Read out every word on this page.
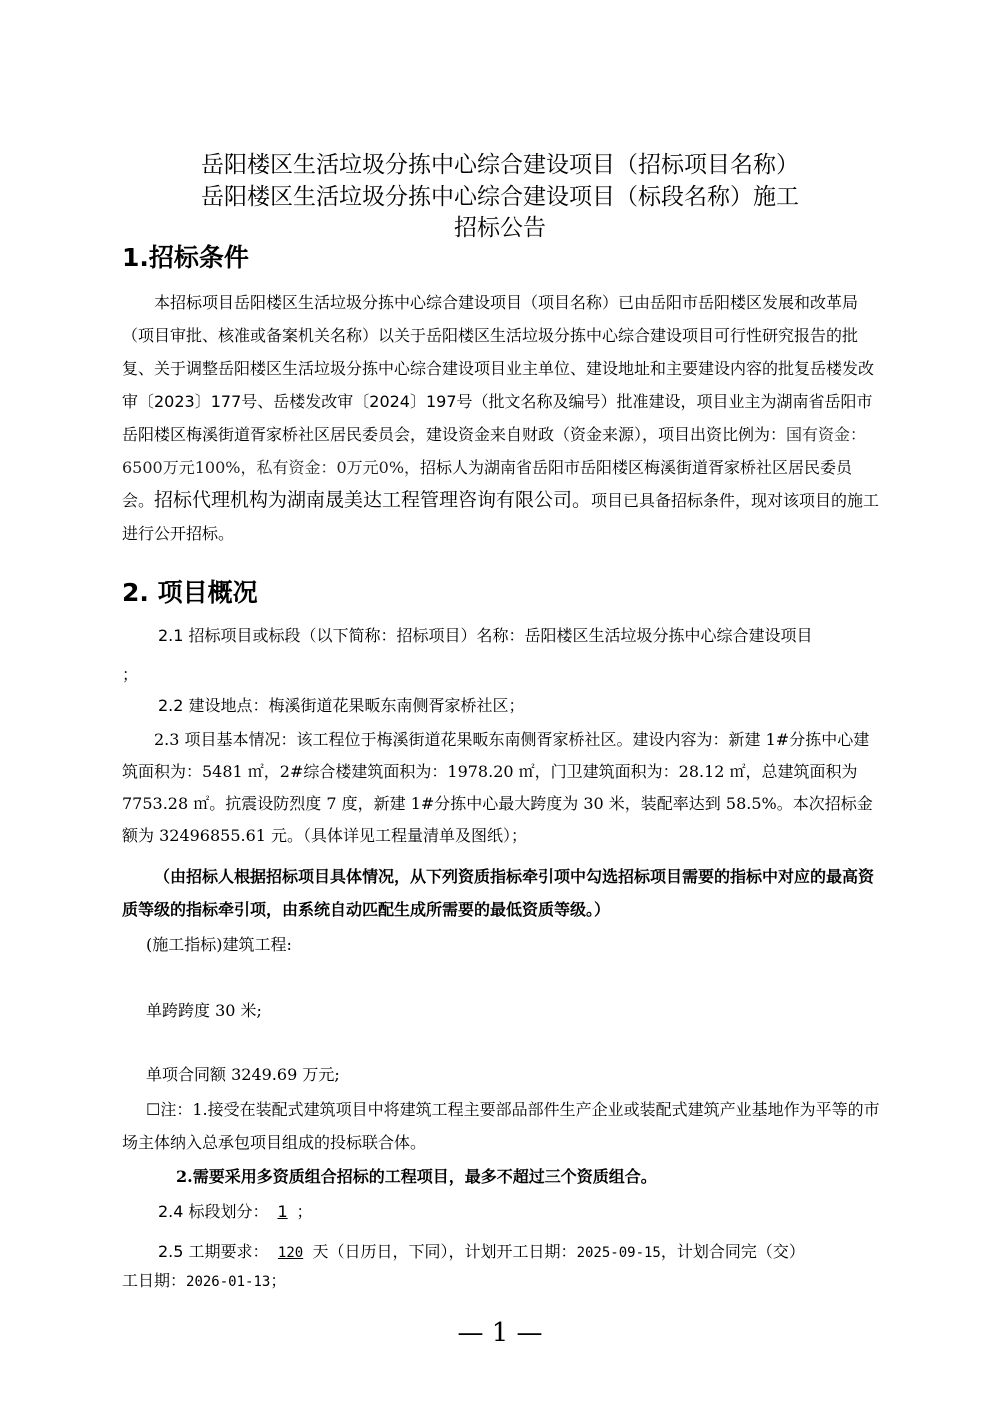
岳阳楼区生活垃圾分拣中心综合建设项目（招标项目名称）
岳阳楼区生活垃圾分拣中心综合建设项目（标段名称）施工
招标公告
1.招标条件
本招标项目岳阳楼区生活垃圾分拣中心综合建设项目（项目名称）已由岳阳市岳阳楼区发展和改革局（项目审批、核准或备案机关名称）以关于岳阳楼区生活垃圾分拣中心综合建设项目可行性研究报告的批复、关于调整岳阳楼区生活垃圾分拣中心综合建设项目业主单位、建设地址和主要建设内容的批复岳楼发改审〔2023〕177号、岳楼发改审〔2024〕197号（批文名称及编号）批准建设，项目业主为湖南省岳阳市岳阳楼区梅溪街道胥家桥社区居民委员会，建设资金来自财政（资金来源），项目出资比例为：国有资金：6500万元100%，私有资金：0万元0%，招标人为湖南省岳阳市岳阳楼区梅溪街道胥家桥社区居民委员会。招标代理机构为湖南晟美达工程管理咨询有限公司。项目已具备招标条件，现对该项目的施工进行公开招标。
2. 项目概况
2.1 招标项目或标段（以下简称：招标项目）名称：岳阳楼区生活垃圾分拣中心综合建设项目
；
2.2 建设地点：梅溪街道花果畈东南侧胥家桥社区；
2.3 项目基本情况：该工程位于梅溪街道花果畈东南侧胥家桥社区。建设内容为：新建 1#分拣中心建筑面积为：5481 ㎡，2#综合楼建筑面积为：1978.20 ㎡，门卫建筑面积为：28.12 ㎡，总建筑面积为 7753.28 ㎡。抗震设防烈度 7 度，新建 1#分拣中心最大跨度为 30 米，装配率达到 58.5%。本次招标金额为 32496855.61 元。（具体详见工程量清单及图纸）；
（由招标人根据招标项目具体情况，从下列资质指标牵引项中勾选招标项目需要的指标中对应的最高资质等级的指标牵引项，由系统自动匹配生成所需要的最低资质等级。）
(施工指标)建筑工程:
单跨跨度 30 米;
单项合同额 3249.69 万元;
☐注：1.接受在装配式建筑项目中将建筑工程主要部品部件生产企业或装配式建筑产业基地作为平等的市场主体纳入总承包项目组成的投标联合体。
2.需要采用多资质组合招标的工程项目，最多不超过三个资质组合。
2.4 标段划分： 1 ；
2.5 工期要求： 120 天（日历日，下同），计划开工日期：2025-09-15，计划合同完（交）
工日期：2026-01-13；
— 1 —
